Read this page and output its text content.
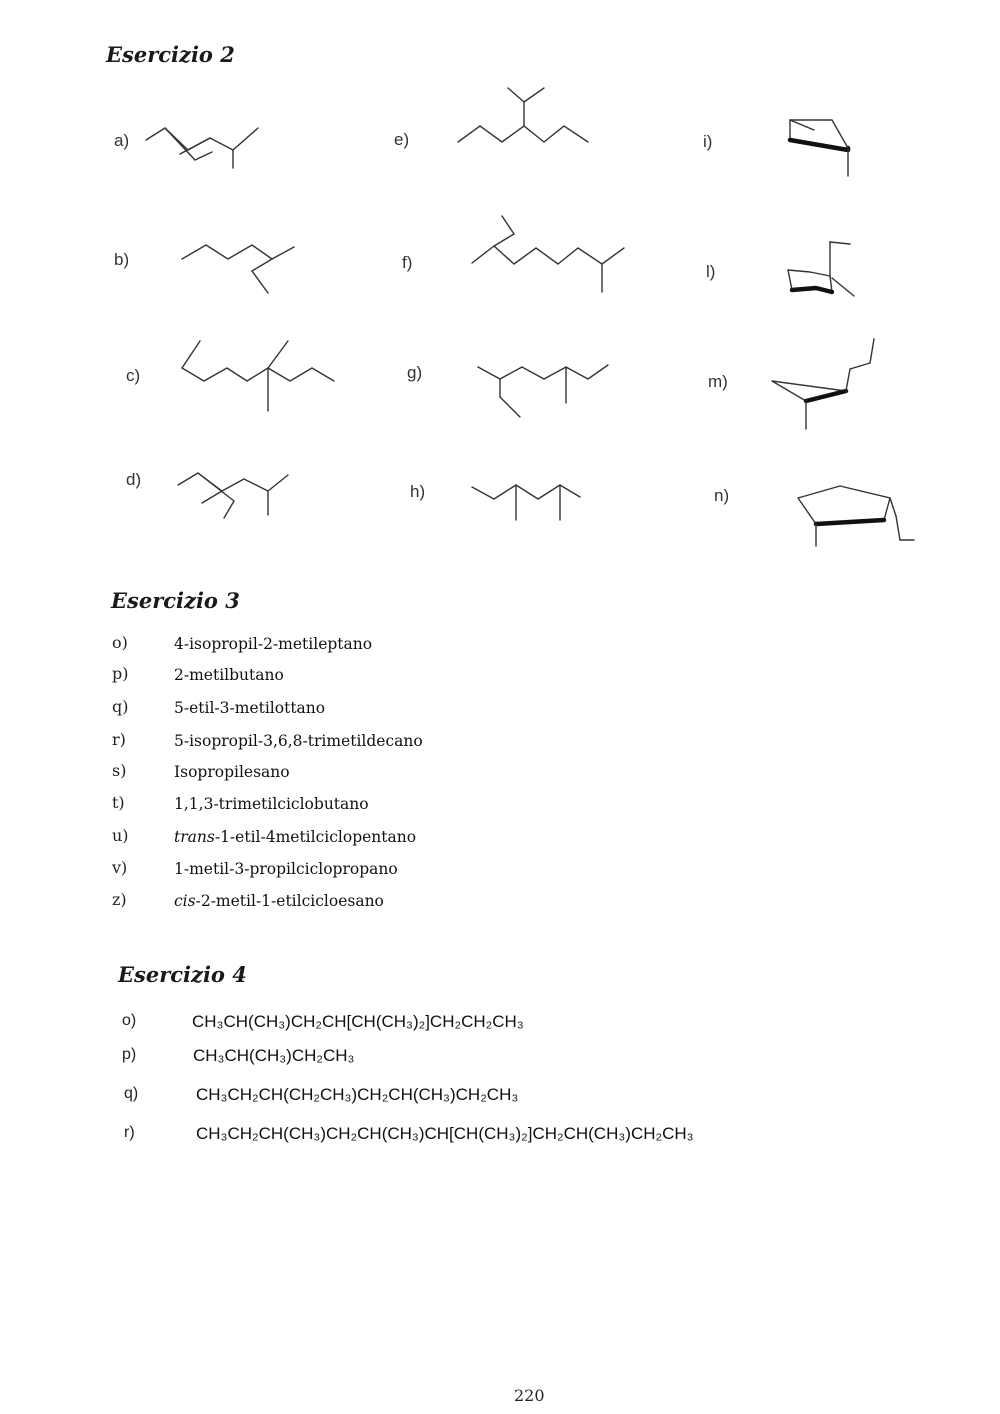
Esercizio 2
a)
b)
c)
d)
e)
f)
g)
h)
i)
l)
m)
n)
Esercizio 3
o)	4-isopropil-2-metileptano
p)	2-metilbutano
q)	5-etil-3-metilottano
r)	5-isopropil-3,6,8-trimetildecano
s)	Isopropilesano
t)	1,1,3-trimetilciclobutano
u)	trans-1-etil-4metilciclopentano
v)	1-metil-3-propilciclopropano
z)	cis-2-metil-1-etilcicloesano
Esercizio 4
o)	CH₃CH(CH₃)CH₂CH[CH(CH₃)₂]CH₂CH₂CH₃
p)	CH₃CH(CH₃)CH₂CH₃
q)	CH₃CH₂CH(CH₂CH₃)CH₂CH(CH₃)CH₂CH₃
r)	CH₃CH₂CH(CH₃)CH₂CH(CH₃)CH[CH(CH₃)₂]CH₂CH(CH₃)CH₂CH₃
220
